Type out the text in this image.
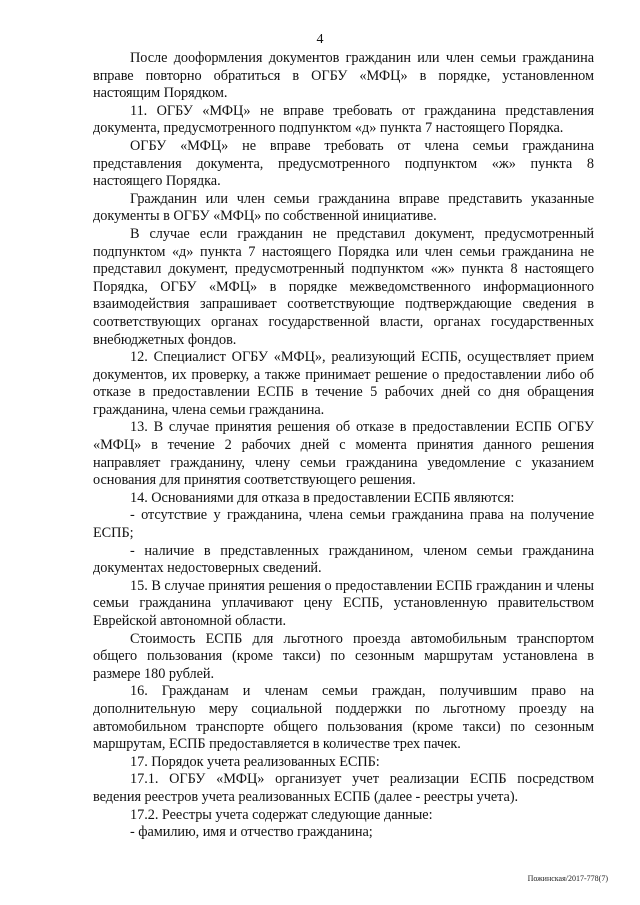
4

После дооформления документов гражданин или член семьи гражданина вправе повторно обратиться в ОГБУ «МФЦ» в порядке, установленном настоящим Порядком.

11. ОГБУ «МФЦ» не вправе требовать от гражданина представления документа, предусмотренного подпунктом «д» пункта 7 настоящего Порядка.

ОГБУ «МФЦ» не вправе требовать от члена семьи гражданина представления документа, предусмотренного подпунктом «ж» пункта 8 настоящего Порядка.

Гражданин или член семьи гражданина вправе представить указанные документы в ОГБУ «МФЦ» по собственной инициативе.

В случае если гражданин не представил документ, предусмотренный подпунктом «д» пункта 7 настоящего Порядка или член семьи гражданина не представил документ, предусмотренный подпунктом «ж» пункта 8 настоящего Порядка, ОГБУ «МФЦ» в порядке межведомственного информационного взаимодействия запрашивает соответствующие подтверждающие сведения в соответствующих органах государственной власти, органах государственных внебюджетных фондов.

12. Специалист ОГБУ «МФЦ», реализующий ЕСПБ, осуществляет прием документов, их проверку, а также принимает решение о предоставлении либо об отказе в предоставлении ЕСПБ в течение 5 рабочих дней со дня обращения гражданина, члена семьи гражданина.

13. В случае принятия решения об отказе в предоставлении ЕСПБ ОГБУ «МФЦ» в течение 2 рабочих дней с момента принятия данного решения направляет гражданину, члену семьи гражданина уведомление с указанием основания для принятия соответствующего решения.

14. Основаниями для отказа в предоставлении ЕСПБ являются:

- отсутствие у гражданина, члена семьи гражданина права на получение ЕСПБ;

- наличие в представленных гражданином, членом семьи гражданина документах недостоверных сведений.

15. В случае принятия решения о предоставлении ЕСПБ гражданин и члены семьи гражданина уплачивают цену ЕСПБ, установленную правительством Еврейской автономной области.

Стоимость ЕСПБ для льготного проезда автомобильным транспортом общего пользования (кроме такси) по сезонным маршрутам установлена в размере 180 рублей.

16. Гражданам и членам семьи граждан, получившим право на дополнительную меру социальной поддержки по льготному проезду на автомобильном транспорте общего пользования (кроме такси) по сезонным маршрутам, ЕСПБ предоставляется в количестве трех пачек.

17. Порядок учета реализованных ЕСПБ:

17.1. ОГБУ «МФЦ» организует учет реализации ЕСПБ посредством ведения реестров учета реализованных ЕСПБ (далее - реестры учета).

17.2. Реестры учета содержат следующие данные:

- фамилию, имя и отчество гражданина;

Пожинская/2017-778(7)
